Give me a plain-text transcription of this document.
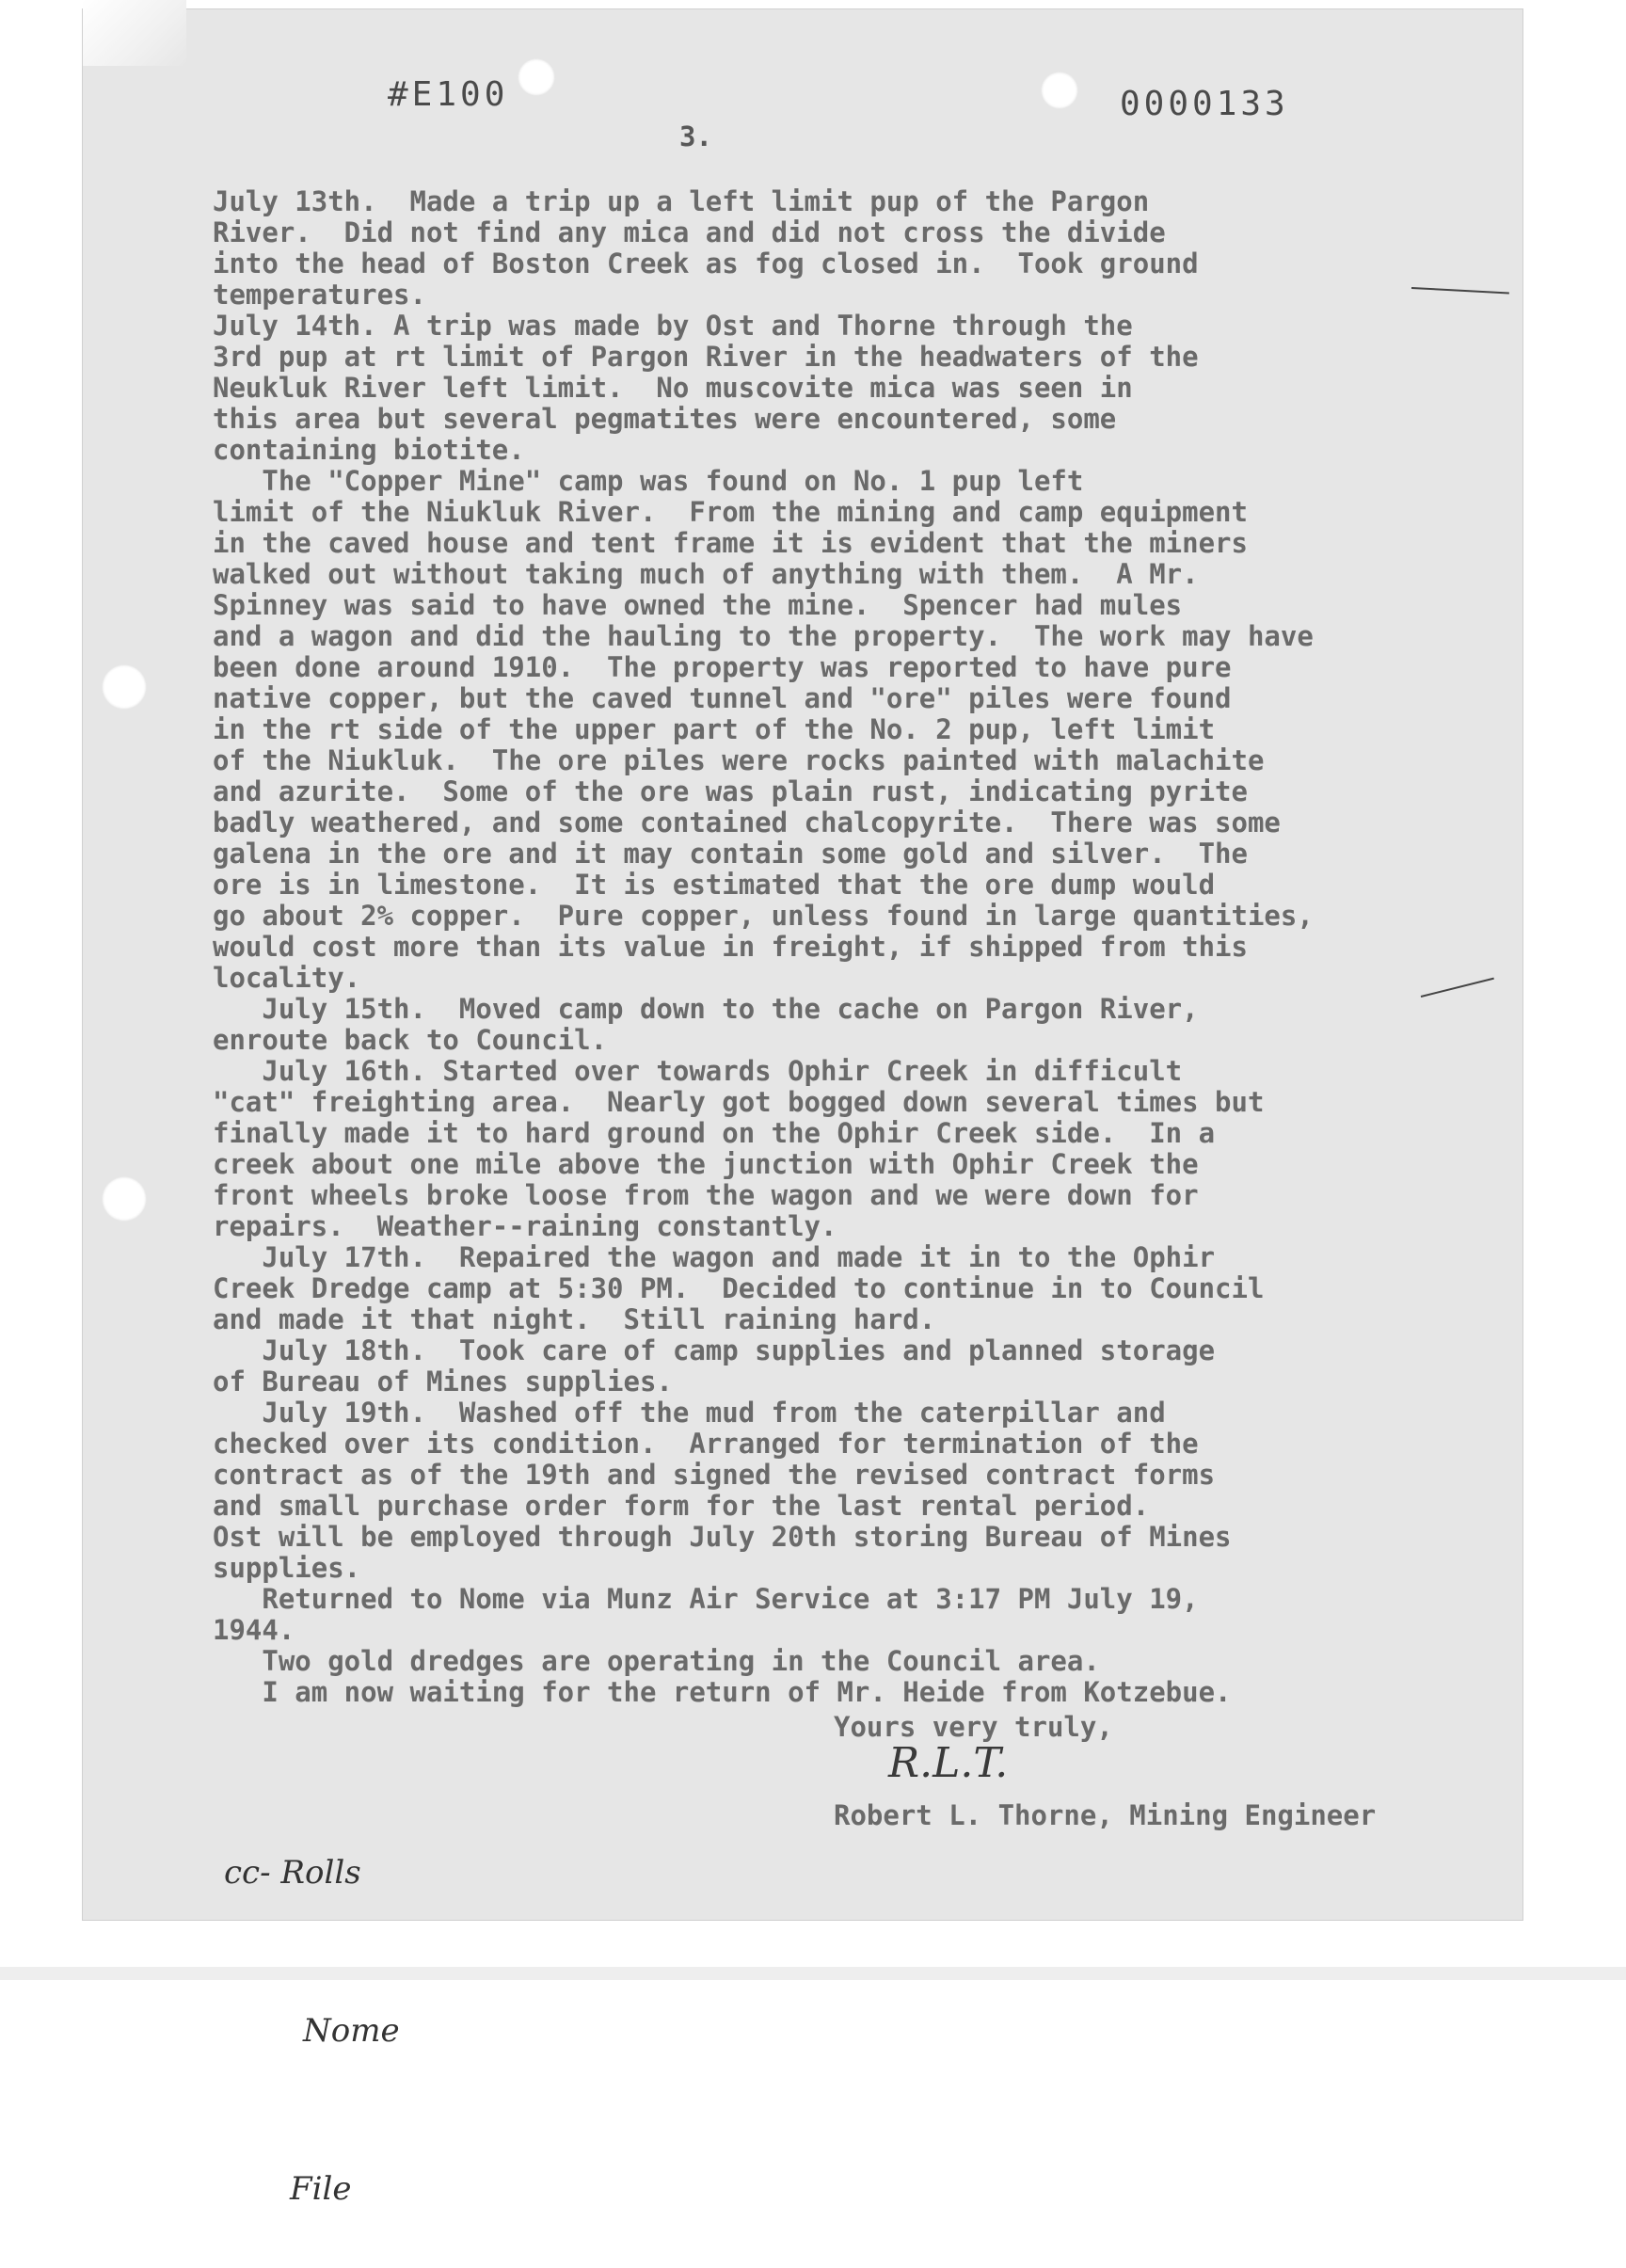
#E100	0000133
3.
July 13th.  Made a trip up a left limit pup of the Pargon
River.  Did not find any mica and did not cross the divide
into the head of Boston Creek as fog closed in.  Took ground
temperatures.
July 14th. A trip was made by Ost and Thorne through the
3rd pup at rt limit of Pargon River in the headwaters of the
Neukluk River left limit.  No muscovite mica was seen in
this area but several pegmatites were encountered, some
containing biotite.
The "Copper Mine" camp was found on No. 1 pup left
limit of the Niukluk River.  From the mining and camp equipment
in the caved house and tent frame it is evident that the miners
walked out without taking much of anything with them.  A Mr.
Spinney was said to have owned the mine.  Spencer had mules
and a wagon and did the hauling to the property.  The work may have
been done around 1910.  The property was reported to have pure
native copper, but the caved tunnel and "ore" piles were found
in the rt side of the upper part of the No. 2 pup, left limit
of the Niukluk.  The ore piles were rocks painted with malachite
and azurite.  Some of the ore was plain rust, indicating pyrite
badly weathered, and some contained chalcopyrite.  There was some
galena in the ore and it may contain some gold and silver.  The
ore is in limestone.  It is estimated that the ore dump would
go about 2% copper.  Pure copper, unless found in large quantities,
would cost more than its value in freight, if shipped from this
locality.
July 15th.  Moved camp down to the cache on Pargon River,
enroute back to Council.
July 16th. Started over towards Ophir Creek in difficult
"cat" freighting area.  Nearly got bogged down several times but
finally made it to hard ground on the Ophir Creek side.  In a
creek about one mile above the junction with Ophir Creek the
front wheels broke loose from the wagon and we were down for
repairs.  Weather--raining constantly.
July 17th.  Repaired the wagon and made it in to the Ophir
Creek Dredge camp at 5:30 PM.  Decided to continue in to Council
and made it that night.  Still raining hard.
July 18th.  Took care of camp supplies and planned storage
of Bureau of Mines supplies.
July 19th.  Washed off the mud from the caterpillar and
checked over its condition.  Arranged for termination of the
contract as of the 19th and signed the revised contract forms
and small purchase order form for the last rental period.
Ost will be employed through July 20th storing Bureau of Mines
supplies.
Returned to Nome via Munz Air Service at 3:17 PM July 19,
1944.
Two gold dredges are operating in the Council area.
I am now waiting for the return of Mr. Heide from Kotzebue.
Yours very truly,
R.L.T.
Robert L. Thorne, Mining Engineer

cc- Rolls

Nome

File
